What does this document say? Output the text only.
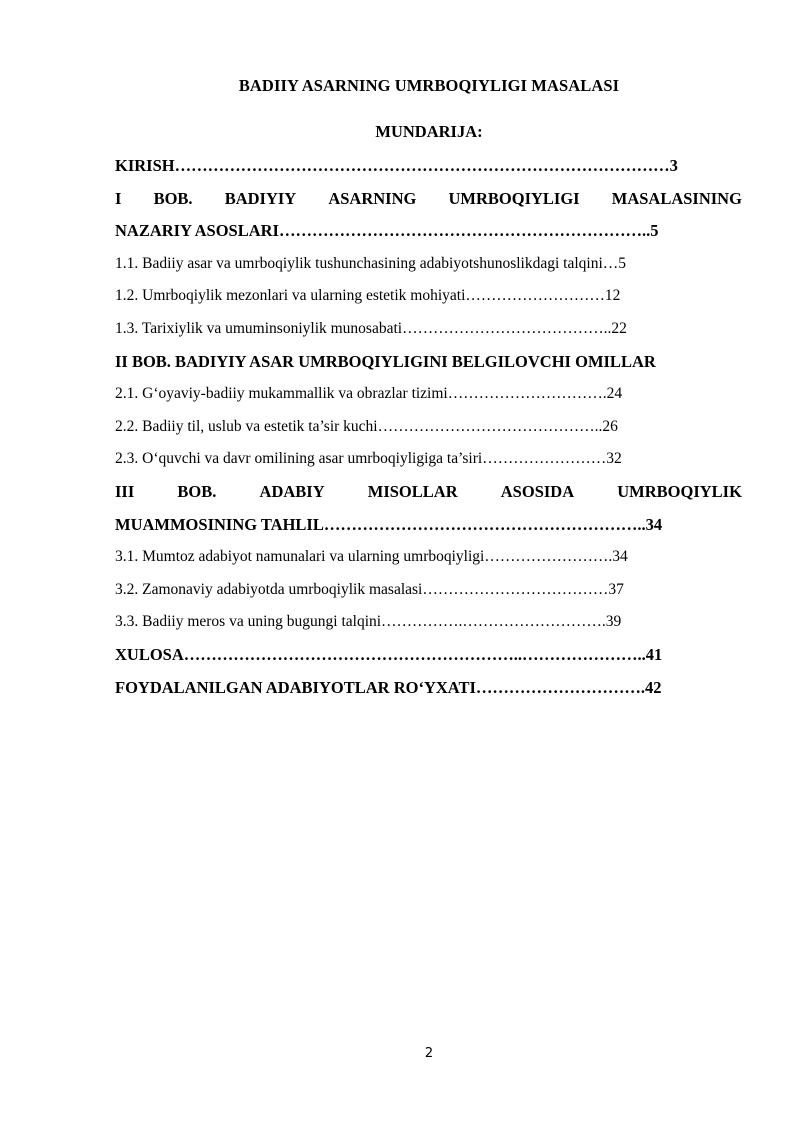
BADIIY ASARNING UMRBOQIYLIGI MASALASI
MUNDARIJA:
KIRISH………………………………………………………………………………3
I BOB. BADIYIY ASARNING UMRBOQIYLIGI MASALASINING
NAZARIY ASOSLARI…………………………………………………………..5
1.1. Badiiy asar va umrboqiylik tushunchasining adabiyotshunoslikdagi talqini…5
1.2. Umrboqiylik mezonlari va ularning estetik mohiyati………………………12
1.3. Tarixiylik va umuminsoniylik munosabati…………………………………..22
II BOB. BADIYIY ASAR UMRBOQIYLIGINI BELGILOVCHI OMILLAR
2.1. G‘oyaviy-badiiy mukammallik va obrazlar tizimi………………………….24
2.2. Badiiy til, uslub va estetik ta’sir kuchi……………………………………..26
2.3. O‘quvchi va davr omilining asar umrboqiyligiga ta’siri……………………32
III	BOB.	ADABIY	MISOLLAR	ASOSIDA	UMRBOQIYLIK
MUAMMOSINING TAHLIL…………………………………………………..34
3.1. Mumtoz adabiyot namunalari va ularning umrboqiyligi…………………….34
3.2. Zamonaviy adabiyotda umrboqiylik masalasi………………………………37
3.3. Badiiy meros va uning bugungi talqini…………….……………………….39
XULOSA……………………………………………………..…………………..41
FOYDALANILGAN ADABIYOTLAR RO‘YXATI………………………….42
2
